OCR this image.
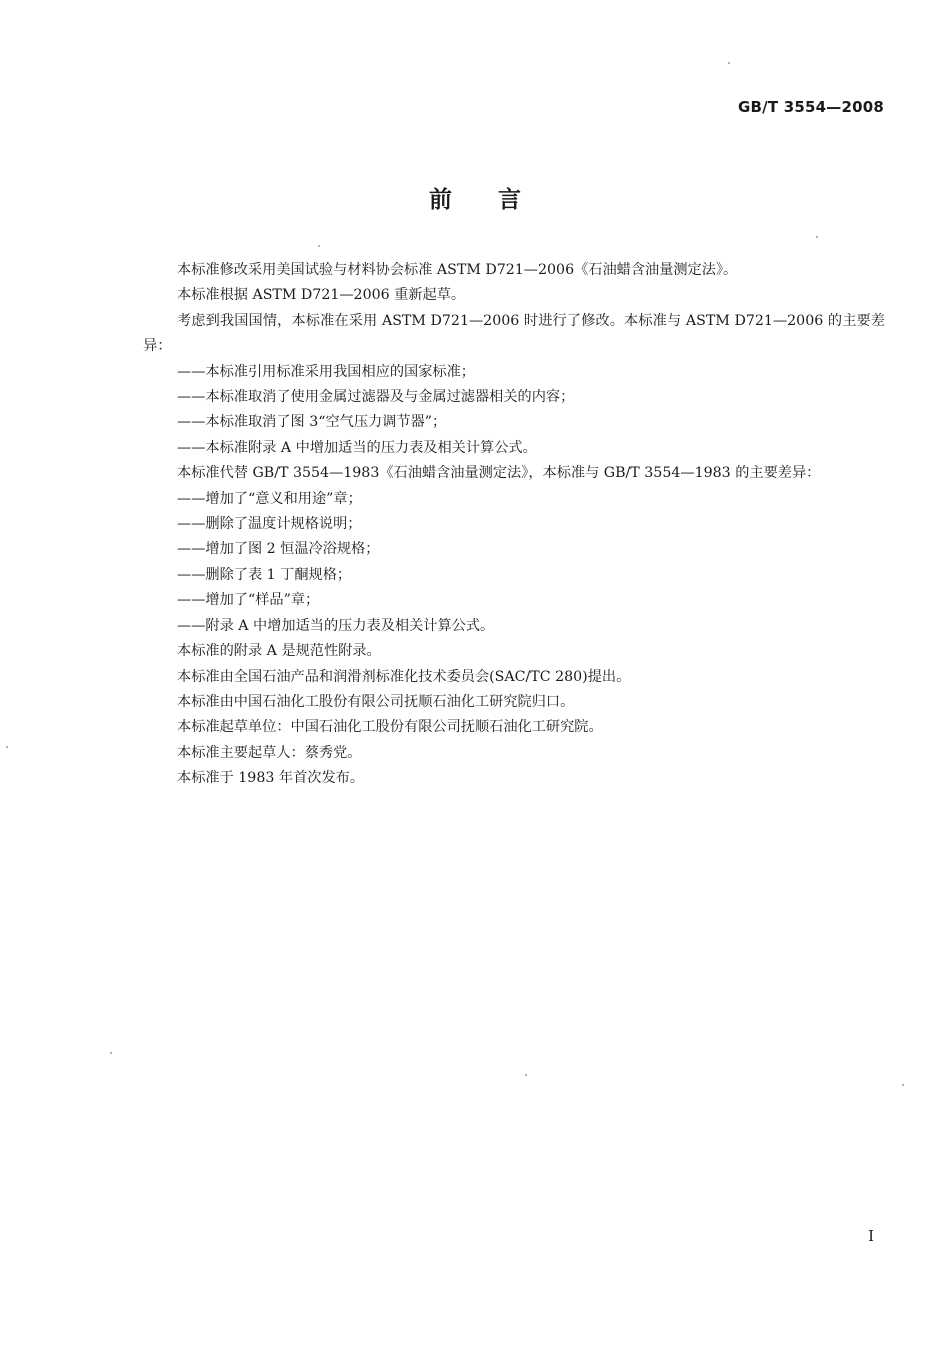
GB/T 3554—2008
前言

本标准修改采用美国试验与材料协会标准 ASTM D721—2006《石油蜡含油量测定法》。

本标准根据 ASTM D721—2006 重新起草。

考虑到我国国情，本标准在采用 ASTM D721—2006 时进行了修改。本标准与 ASTM D721—2006 的主要差异：

——本标准引用标准采用我国相应的国家标准；

——本标准取消了使用金属过滤器及与金属过滤器相关的内容；

——本标准取消了图 3“空气压力调节器”；

——本标准附录 A 中增加适当的压力表及相关计算公式。

本标准代替 GB/T 3554—1983《石油蜡含油量测定法》，本标准与 GB/T 3554—1983 的主要差异：

——增加了“意义和用途”章；

——删除了温度计规格说明；

——增加了图 2 恒温冷浴规格；

——删除了表 1 丁酮规格；

——增加了“样品”章；

——附录 A 中增加适当的压力表及相关计算公式。

本标准的附录 A 是规范性附录。

本标准由全国石油产品和润滑剂标准化技术委员会(SAC/TC 280)提出。

本标准由中国石油化工股份有限公司抚顺石油化工研究院归口。

本标准起草单位：中国石油化工股份有限公司抚顺石油化工研究院。

本标准主要起草人：蔡秀党。

本标准于 1983 年首次发布。

I
